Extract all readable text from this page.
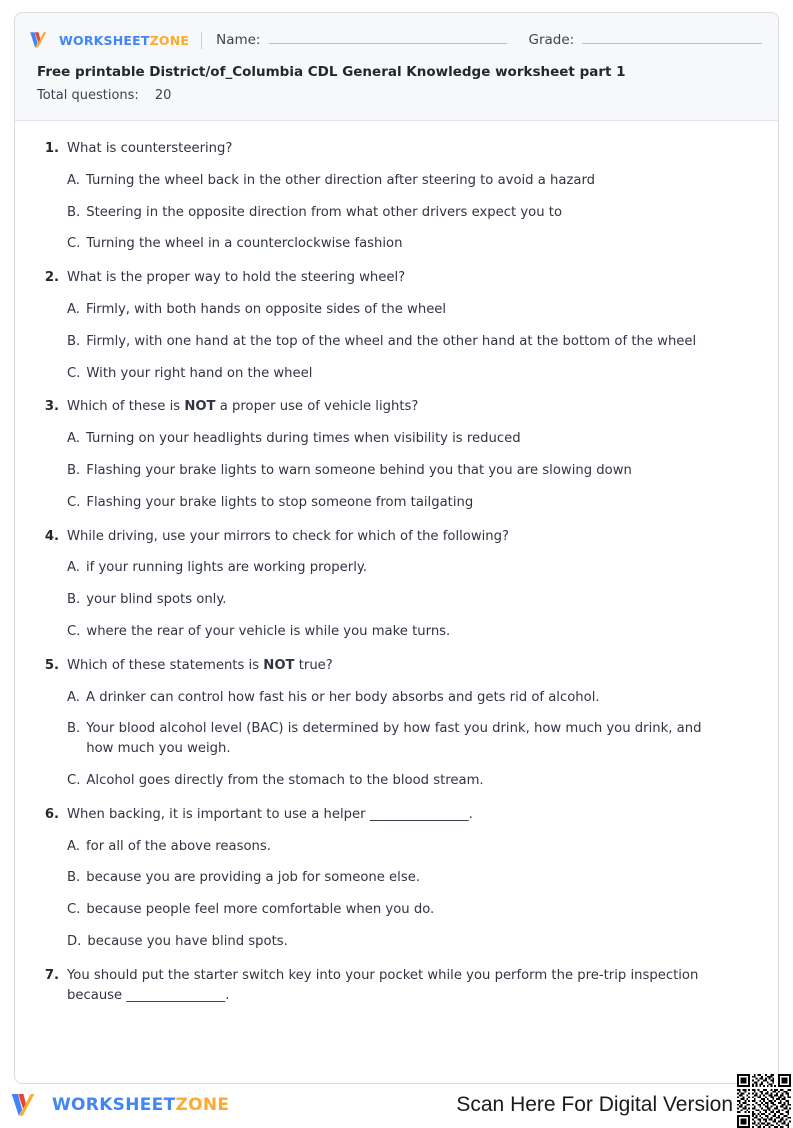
WORKSHEETZONE Name:	Grade:
Free printable District/of_Columbia CDL General Knowledge worksheet part 1
Total questions: 20
1. What is countersteering?
A. Turning the wheel back in the other direction after steering to avoid a hazard
B. Steering in the opposite direction from what other drivers expect you to
C. Turning the wheel in a counterclockwise fashion
2. What is the proper way to hold the steering wheel?
A. Firmly, with both hands on opposite sides of the wheel
B. Firmly, with one hand at the top of the wheel and the other hand at the bottom of the wheel
C. With your right hand on the wheel
3. Which of these is NOT a proper use of vehicle lights?
A. Turning on your headlights during times when visibility is reduced
B. Flashing your brake lights to warn someone behind you that you are slowing down
C. Flashing your brake lights to stop someone from tailgating
4. While driving, use your mirrors to check for which of the following?
A. if your running lights are working properly.
B. your blind spots only.
C. where the rear of your vehicle is while you make turns.
5. Which of these statements is NOT true?
A. A drinker can control how fast his or her body absorbs and gets rid of alcohol.
B. Your blood alcohol level (BAC) is determined by how fast you drink, how much you drink, and how much you weigh.
C. Alcohol goes directly from the stomach to the blood stream.
6. When backing, it is important to use a helper _______________.
A. for all of the above reasons.
B. because you are providing a job for someone else.
C. because people feel more comfortable when you do.
D. because you have blind spots.
7. You should put the starter switch key into your pocket while you perform the pre-trip inspection because _______________.
WORKSHEETZONE	Scan Here For Digital Version
